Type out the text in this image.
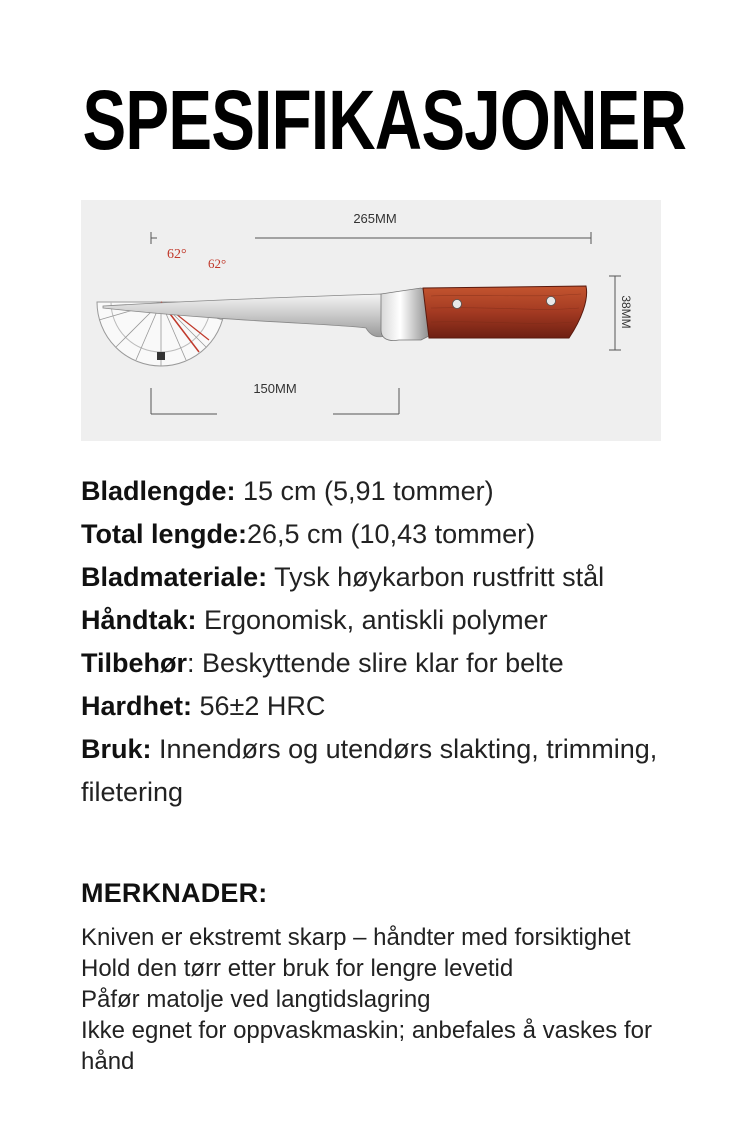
SPESIFIKASJONER
265MM
62°
62°
38MM
150MM

Bladlengde: 15 cm (5,91 tommer)

Total lengde:26,5 cm (10,43 tommer)

Bladmateriale: Tysk høykarbon rustfritt stål

Håndtak: Ergonomisk, antiskli polymer

Tilbehør: Beskyttende slire klar for belte

Hardhet: 56±2 HRC

Bruk: Innendørs og utendørs slakting, trimming, filetering

MERKNADER:

Kniven er ekstremt skarp – håndter med forsiktighet

Hold den tørr etter bruk for lengre levetid

Påfør matolje ved langtidslagring

Ikke egnet for oppvaskmaskin; anbefales å vaskes for hånd
